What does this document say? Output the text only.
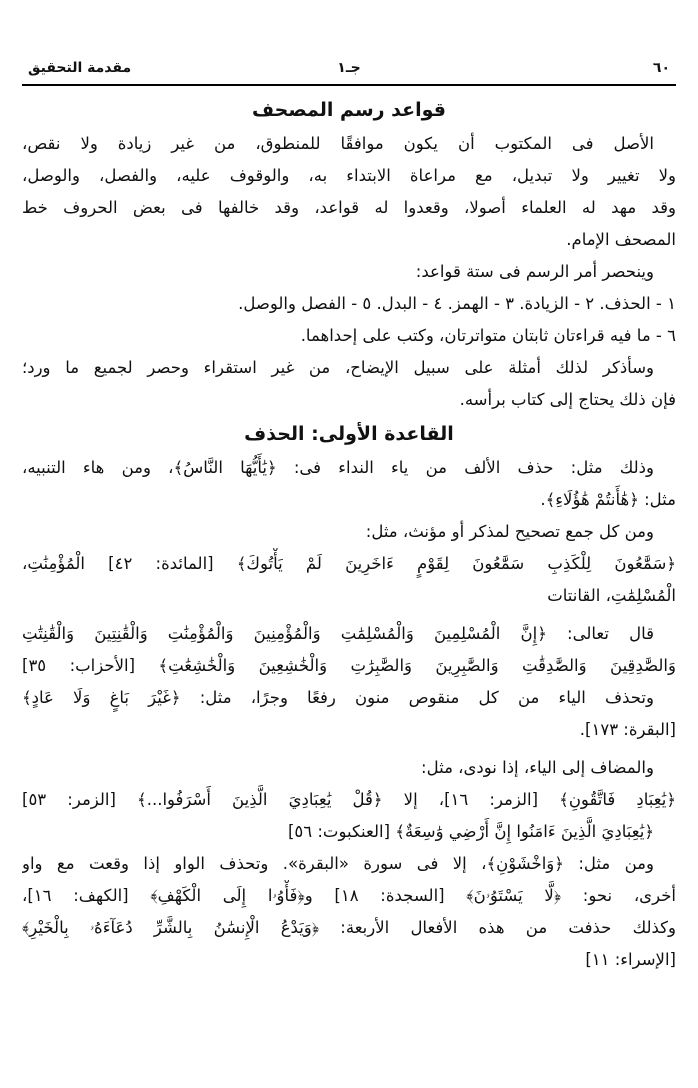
٦٠
جـ١
مقدمة التحقيق
قواعد رسم المصحف
الأصل فى المكتوب أن يكون موافقًا للمنطوق، من غير زيادة ولا نقص،
ولا تغيير ولا تبديل، مع مراعاة الابتداء به، والوقوف عليه، والفصل، والوصل،
وقد مهد له العلماء أصولا، وقعدوا له قواعد، وقد خالفها فى بعض الحروف خط
المصحف الإمام.
وينحصر أمر الرسم فى ستة قواعد:
١ - الحذف. ٢ - الزيادة. ٣ - الهمز. ٤ - البدل. ٥ - الفصل والوصل.
٦ - ما فيه قراءتان ثابتان متواترتان، وكتب على إحداهما.
وسأذكر لذلك أمثلة على سبيل الإيضاح، من غير استقراء وحصر لجميع ما ورد؛
فإن ذلك يحتاج إلى كتاب برأسه.
القاعدة الأولى: الحذف
وذلك مثل: حذف الألف من ياء النداء فى: ﴿يَٰأَيُّهَا النَّاسُ﴾، ومن هاء التنبيه،
مثل: ﴿هَٰأَنتُمْ هَٰؤُلَاءِ﴾.
ومن كل جمع تصحيح لمذكر أو مؤنث، مثل:
﴿سَمَّٰعُونَ لِلْكَذِبِ سَمَّٰعُونَ لِقَوْمٍ ءَاخَرِينَ لَمْ يَأْتُوكَ﴾ [المائدة: ٤٢] الْمُؤْمِنَٰتِ،
الْمُسْلِمَٰتِ، القانتات
قال تعالى: ﴿إِنَّ الْمُسْلِمِينَ وَالْمُسْلِمَٰتِ وَالْمُؤْمِنِينَ وَالْمُؤْمِنَٰتِ وَالْقَٰنِتِينَ وَالْقَٰنِتَٰتِ
وَالصَّٰدِقِينَ وَالصَّٰدِقَٰتِ وَالصَّٰبِرِينَ وَالصَّٰبِرَٰتِ وَالْخَٰشِعِينَ وَالْخَٰشِعَٰتِ﴾ [الأحزاب: ٣٥]
وتحذف الياء من كل منقوص منون رفعًا وجرًا، مثل: ﴿غَيْرَ بَاغٍ وَلَا عَادٍ﴾
[البقرة: ١٧٣].
والمضاف إلى الياء، إذا نودى، مثل:
﴿يَٰعِبَادِ فَاتَّقُونِ﴾ [الزمر: ١٦]، إلا ﴿قُلْ يَٰعِبَادِيَ الَّذِينَ أَسْرَفُوا...﴾ [الزمر: ٥٣]
﴿يَٰعِبَادِيَ الَّذِينَ ءَامَنُوا إِنَّ أَرْضِي وَٰسِعَةٌ﴾ [العنكبوت: ٥٦]
ومن مثل: ﴿وَاخْشَوْنِ﴾، إلا فى سورة «البقرة». وتحذف الواو إذا وقعت مع واو
أخرى، نحو: ﴿لَّا يَسْتَوُۥنَ﴾ [السجدة: ١٨] و﴿فَأْوُۥا إِلَى الْكَهْفِ﴾ [الكهف: ١٦]،
وكذلك حذفت من هذه الأفعال الأربعة: ﴿وَيَدْعُ الْإِنسَٰنُ بِالشَّرِّ دُعَآءَهُۥ بِالْخَيْرِ﴾
[الإسراء: ١١]
